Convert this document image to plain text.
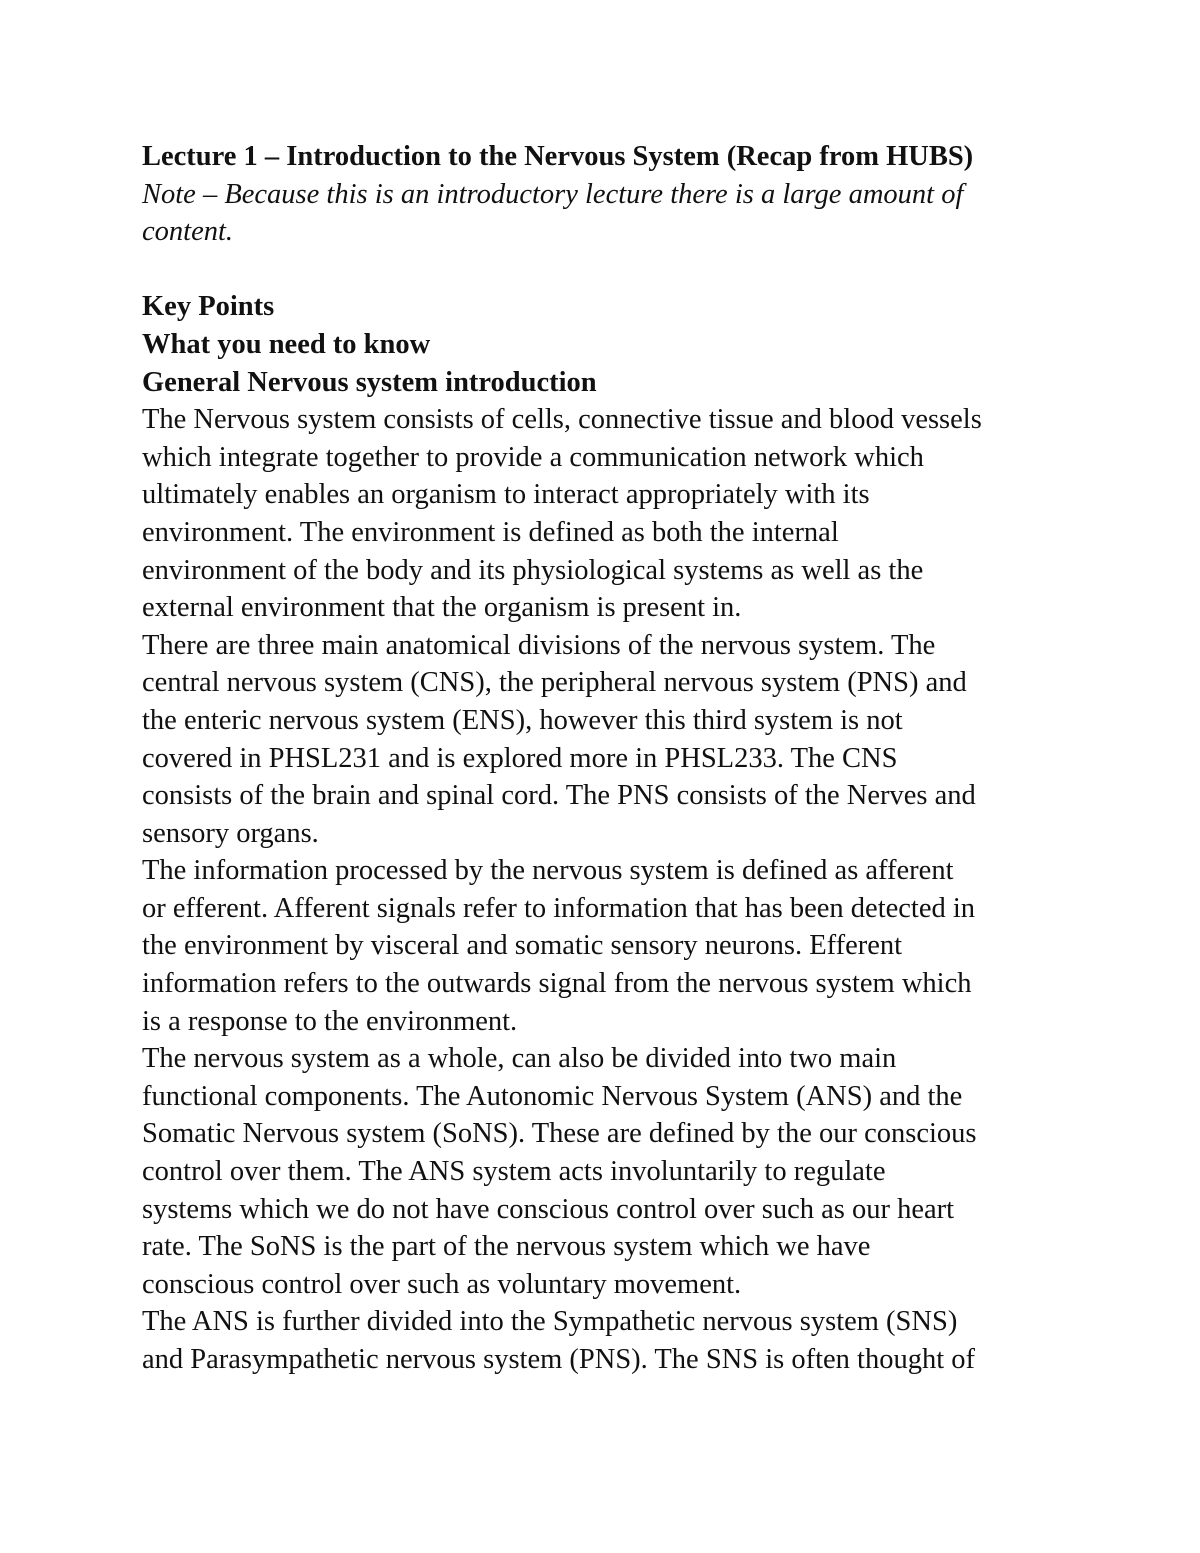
Lecture 1 – Introduction to the Nervous System (Recap from HUBS)
Note – Because this is an introductory lecture there is a large amount of
content.
Key Points
What you need to know
General Nervous system introduction
The Nervous system consists of cells, connective tissue and blood vessels
which integrate together to provide a communication network which
ultimately enables an organism to interact appropriately with its
environment. The environment is defined as both the internal
environment of the body and its physiological systems as well as the
external environment that the organism is present in.
There are three main anatomical divisions of the nervous system. The
central nervous system (CNS), the peripheral nervous system (PNS) and
the enteric nervous system (ENS), however this third system is not
covered in PHSL231 and is explored more in PHSL233. The CNS
consists of the brain and spinal cord. The PNS consists of the Nerves and
sensory organs.
The information processed by the nervous system is defined as afferent
or efferent. Afferent signals refer to information that has been detected in
the environment by visceral and somatic sensory neurons. Efferent
information refers to the outwards signal from the nervous system which
is a response to the environment.
The nervous system as a whole, can also be divided into two main
functional components. The Autonomic Nervous System (ANS) and the
Somatic Nervous system (SoNS). These are defined by the our conscious
control over them. The ANS system acts involuntarily to regulate
systems which we do not have conscious control over such as our heart
rate. The SoNS is the part of the nervous system which we have
conscious control over such as voluntary movement.
The ANS is further divided into the Sympathetic nervous system (SNS)
and Parasympathetic nervous system (PNS). The SNS is often thought of
